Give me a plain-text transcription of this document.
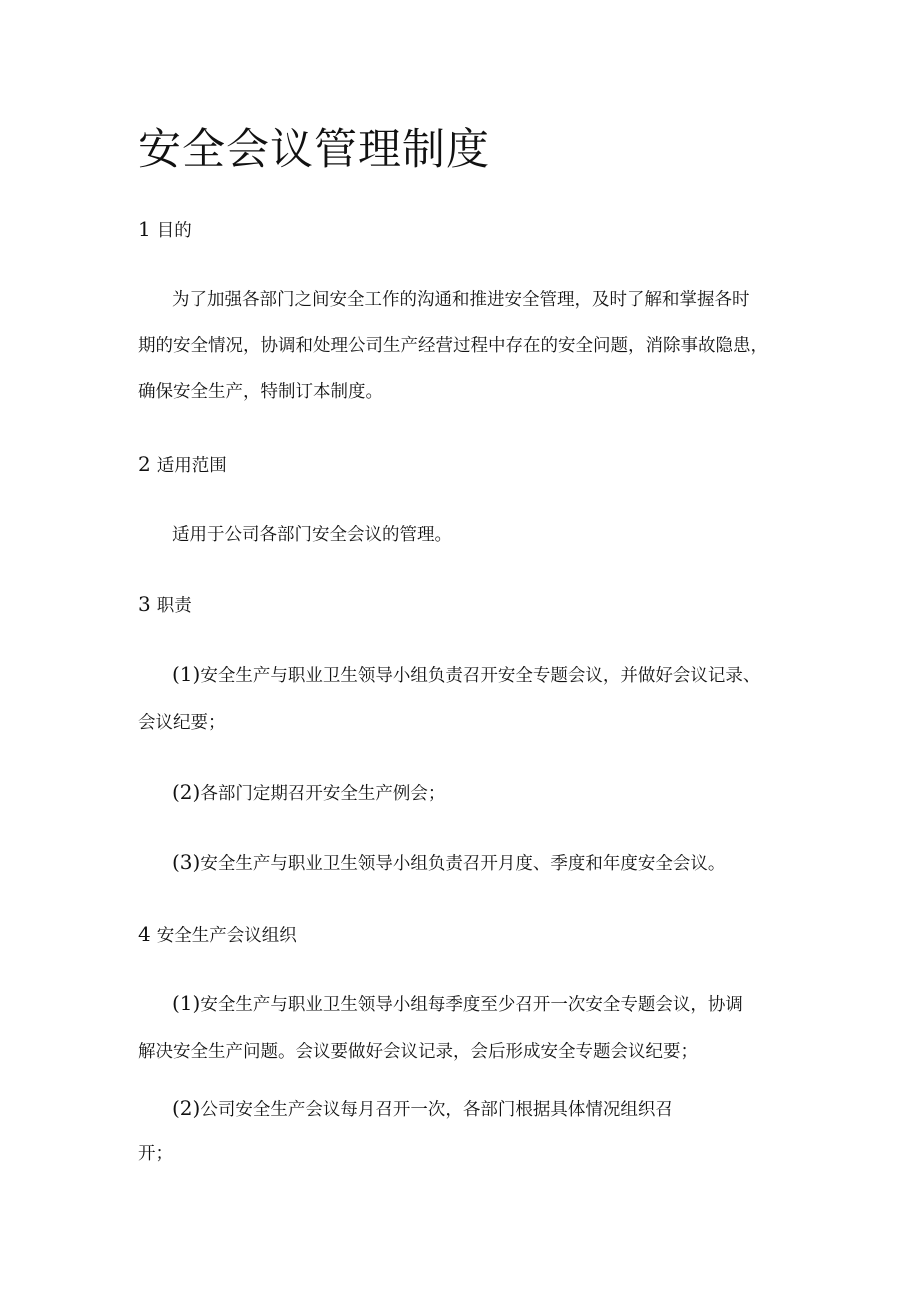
安全会议管理制度
1 目的
为了加强各部门之间安全工作的沟通和推进安全管理，及时了解和掌握各时
期的安全情况，协调和处理公司生产经营过程中存在的安全问题，消除事故隐患，
确保安全生产，特制订本制度。
2 适用范围
适用于公司各部门安全会议的管理。
3 职责
(1)安全生产与职业卫生领导小组负责召开安全专题会议，并做好会议记录、
会议纪要；
(2)各部门定期召开安全生产例会；
(3)安全生产与职业卫生领导小组负责召开月度、季度和年度安全会议。
4 安全生产会议组织
(1)安全生产与职业卫生领导小组每季度至少召开一次安全专题会议，协调
解决安全生产问题。会议要做好会议记录，会后形成安全专题会议纪要；
(2)公司安全生产会议每月召开一次，各部门根据具体情况组织召
开；
